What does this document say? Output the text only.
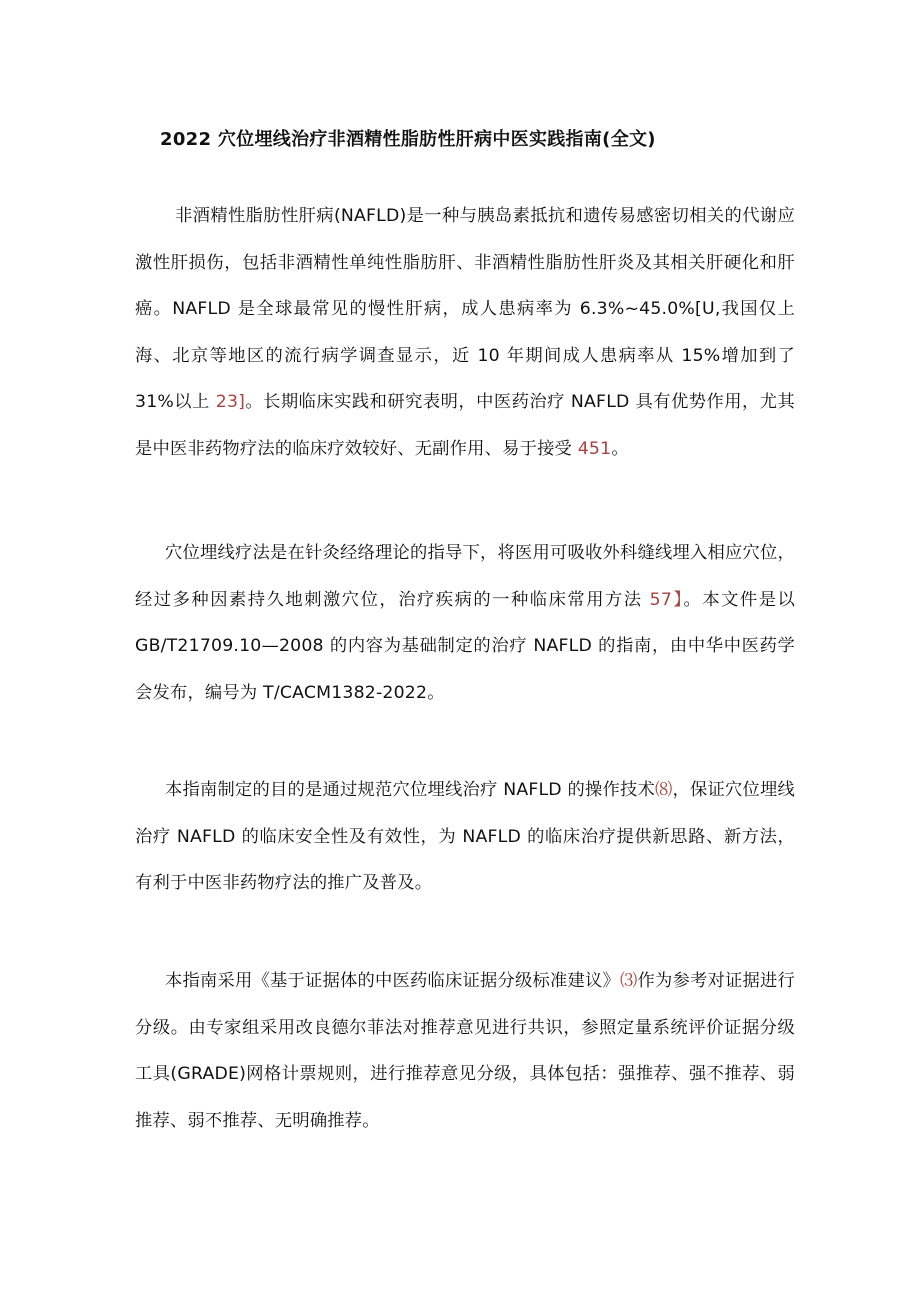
2022 穴位埋线治疗非酒精性脂肪性肝病中医实践指南(全文)

非酒精性脂肪性肝病(NAFLD)是一种与胰岛素抵抗和遗传易感密切相关的代谢应激性肝损伤，包括非酒精性单纯性脂肪肝、非酒精性脂肪性肝炎及其相关肝硬化和肝癌。NAFLD 是全球最常见的慢性肝病，成人患病率为 6.3%~45.0%[U,我国仅上海、北京等地区的流行病学调查显示，近 10 年期间成人患病率从 15%增加到了 31%以上 23]。长期临床实践和研究表明，中医药治疗 NAFLD 具有优势作用，尤其是中医非药物疗法的临床疗效较好、无副作用、易于接受 451。

穴位埋线疗法是在针灸经络理论的指导下，将医用可吸收外科缝线埋入相应穴位，经过多种因素持久地刺激穴位，治疗疾病的一种临床常用方法 57】。本文件是以 GB/T21709.10—2008 的内容为基础制定的治疗 NAFLD 的指南，由中华中医药学会发布，编号为 T/CACM1382-2022。

本指南制定的目的是通过规范穴位埋线治疗 NAFLD 的操作技术⑻，保证穴位埋线治疗 NAFLD 的临床安全性及有效性，为 NAFLD 的临床治疗提供新思路、新方法，有利于中医非药物疗法的推广及普及。

本指南采用《基于证据体的中医药临床证据分级标准建议》⑶作为参考对证据进行分级。由专家组采用改良德尔菲法对推荐意见进行共识，参照定量系统评价证据分级工具(GRADE)网格计票规则，进行推荐意见分级，具体包括：强推荐、强不推荐、弱推荐、弱不推荐、无明确推荐。
